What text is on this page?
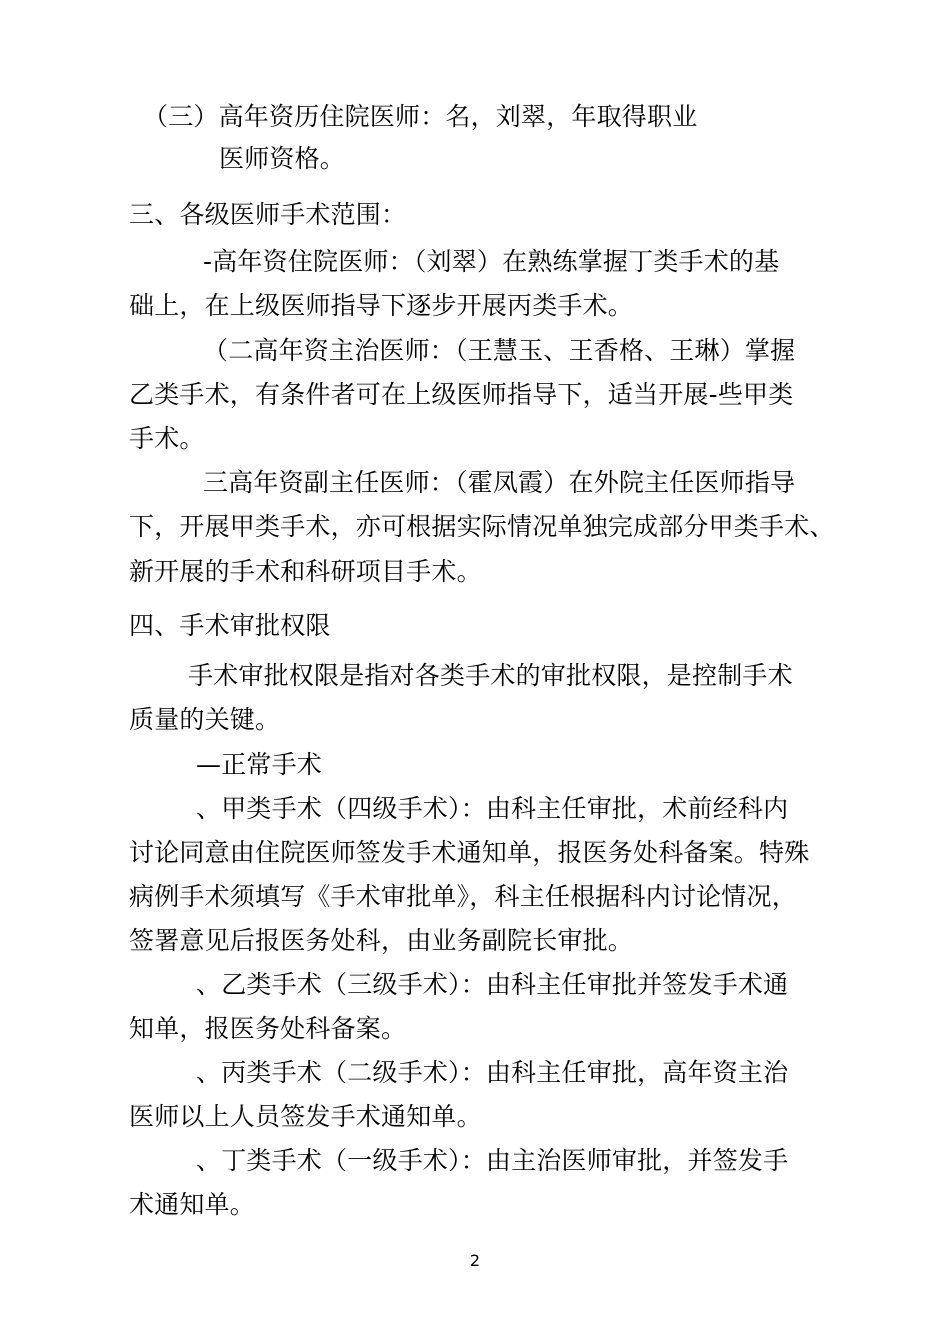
（三）高年资历住院医师：名，刘翠，年取得职业
医师资格。
三、各级医师手术范围：
-高年资住院医师：（刘翠）在熟练掌握丁类手术的基
础上，在上级医师指导下逐步开展丙类手术。
（二高年资主治医师：（王慧玉、王香格、王琳）掌握
乙类手术，有条件者可在上级医师指导下，适当开展-些甲类
手术。
三高年资副主任医师：（霍凤霞）在外院主任医师指导
下，开展甲类手术，亦可根据实际情况单独完成部分甲类手术、
新开展的手术和科研项目手术。
四、手术审批权限
手术审批权限是指对各类手术的审批权限，是控制手术
质量的关键。
—正常手术
、甲类手术（四级手术）：由科主任审批，术前经科内
讨论同意由住院医师签发手术通知单，报医务处科备案。特殊
病例手术须填写《手术审批单》，科主任根据科内讨论情况，
签署意见后报医务处科，由业务副院长审批。
、乙类手术（三级手术）：由科主任审批并签发手术通
知单，报医务处科备案。
、丙类手术（二级手术）：由科主任审批，高年资主治
医师以上人员签发手术通知单。
、丁类手术（一级手术）：由主治医师审批，并签发手
术通知单。
2
